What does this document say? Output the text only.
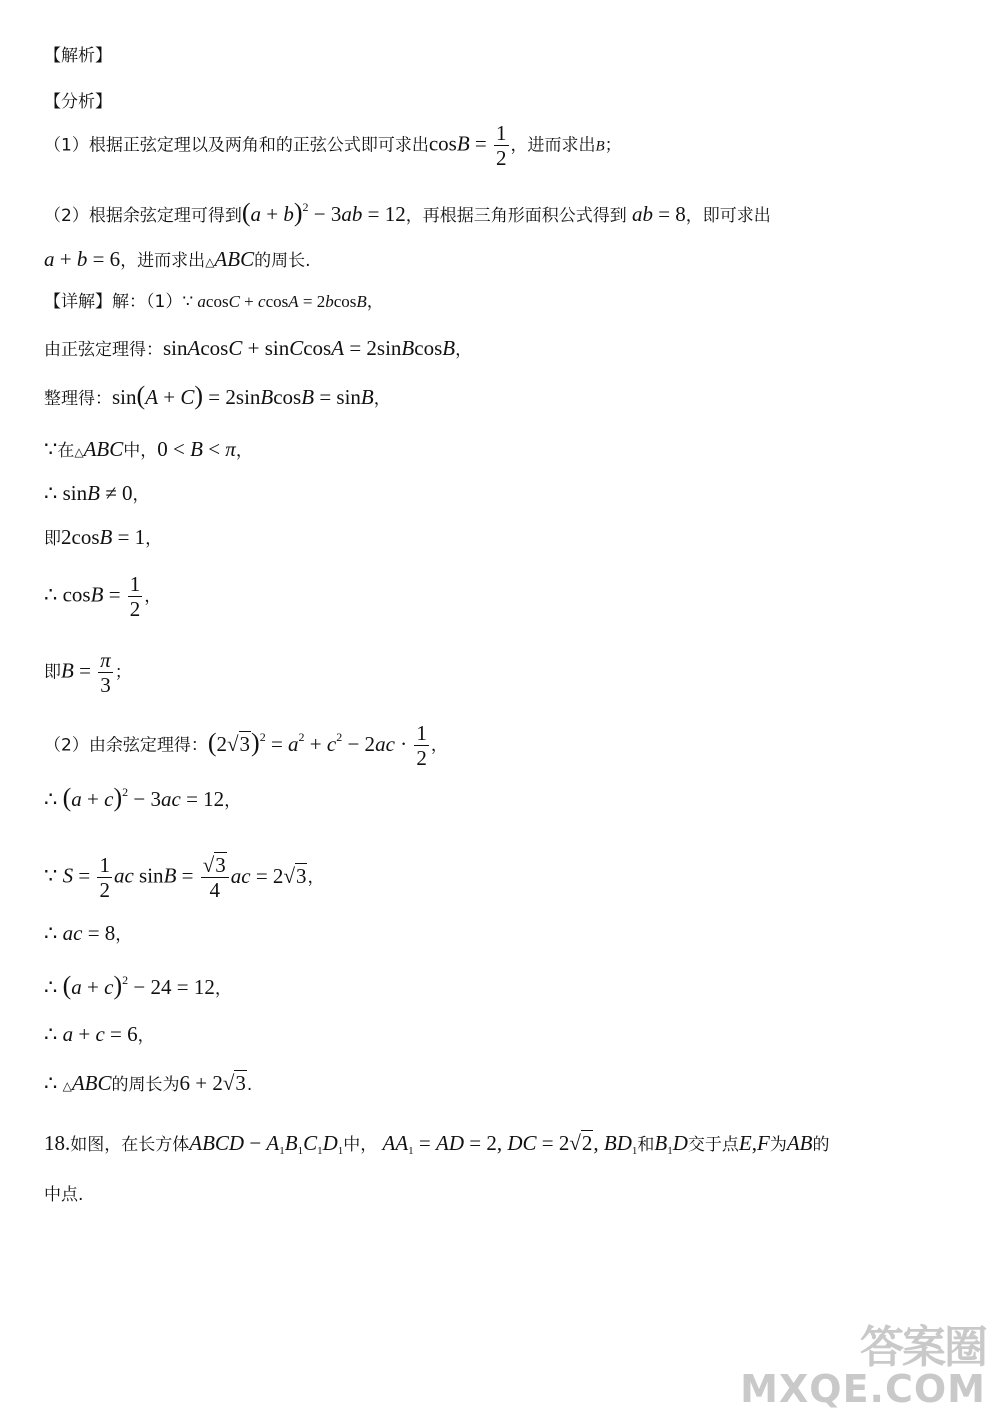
【解析】
【分析】
（1）根据正弦定理以及两角和的正弦公式即可求出$\cos B = \frac{1}{2}$ ，进而求出B；
（2）根据余弦定理可得到$(a + b)^2 - 3ab = 12$，再根据三角形面积公式得到 ab = 8，即可求出
a + b = 6，进而求出△ABC的周长.
【详解】解：（1）∵ acosC + ccosA = 2bcosB，
由正弦定理得：sinAcosC + sinCcosA = 2sinBcosB，
整理得：sin(A + C) = 2sinBcosB = sinB，
∵在△ABC中，0 < B < π，
∴ sinB ≠ 0，
即2cosB = 1，
∴ $\cos B = \frac{1}{2}$ ，
即$B = \frac{\pi}{3}$ ；
（2）由余弦定理得：$(2√3)^2 = a^2 + c^2 - 2ac \cdot \frac{1}{2}$ ，
∴ $(a + c)^2 - 3ac = 12$，
∵ $S = \frac{1}{2}$ ac $\sin B = \frac{√3}{4}$ ac = 2√3，
∴ ac = 8，
∴ $(a + c)^2 - 24 = 12$，
∴ a + c = 6，
∴ △ABC的周长为6 + 2√3.
18.如图，在长方体ABCD − $A_1B_1C_1D_1$中， $AA_1$ = AD = 2, DC = 2√2, $BD_1$和$B_1D$交于点E,F为AB的
中点.
答案圈
MXQE.COM
